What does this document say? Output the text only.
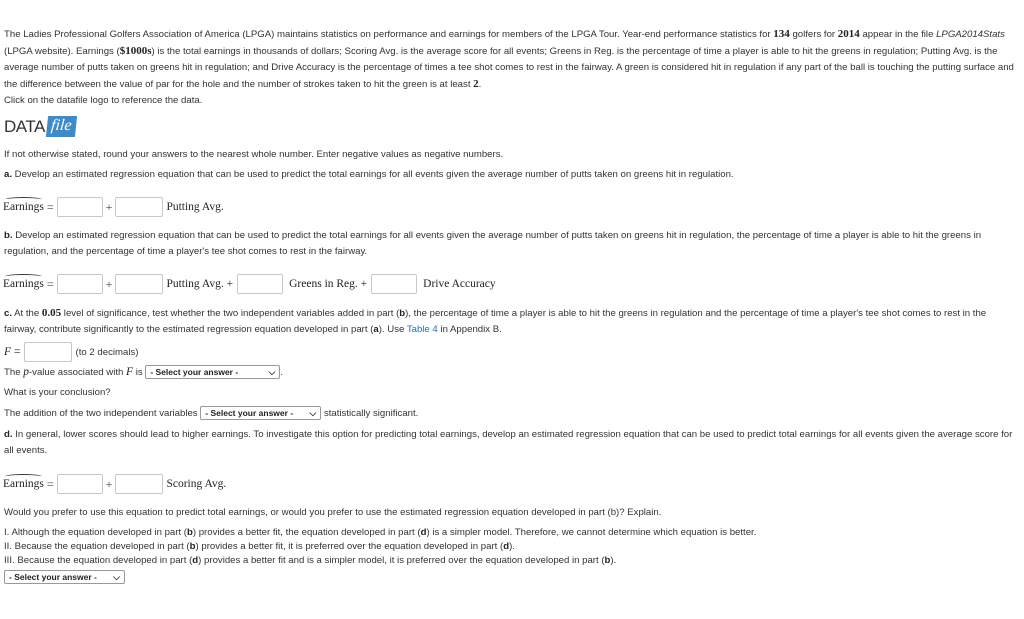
The Ladies Professional Golfers Association of America (LPGA) maintains statistics on performance and earnings for members of the LPGA Tour. Year-end performance statistics for 134 golfers for 2014 appear in the file LPGA2014Stats (LPGA website). Earnings ($1000s) is the total earnings in thousands of dollars; Scoring Avg. is the average score for all events; Greens in Reg. is the percentage of time a player is able to hit the greens in regulation; Putting Avg. is the average number of putts taken on greens hit in regulation; and Drive Accuracy is the percentage of times a tee shot comes to rest in the fairway. A green is considered hit in regulation if any part of the ball is touching the putting surface and the difference between the value of par for the hole and the number of strokes taken to hit the green is at least 2.

Click on the datafile logo to reference the data.

DATA file

If not otherwise stated, round your answers to the nearest whole number. Enter negative values as negative numbers.

a. Develop an estimated regression equation that can be used to predict the total earnings for all events given the average number of putts taken on greens hit in regulation.

Earnings =	+	Putting Avg.

b. Develop an estimated regression equation that can be used to predict the total earnings for all events given the average number of putts taken on greens hit in regulation, the percentage of time a player is able to hit the greens in regulation, and the percentage of time a player's tee shot comes to rest in the fairway.

Earnings =	+	Putting Avg. +	Greens in Reg. +	Drive Accuracy

c. At the 0.05 level of significance, test whether the two independent variables added in part (b), the percentage of time a player is able to hit the greens in regulation and the percentage of time a player's tee shot comes to rest in the fairway, contribute significantly to the estimated regression equation developed in part (a). Use Table 4 in Appendix B.

F =	(to 2 decimals)

The p-value associated with F is - Select your answer -	⌵ .

What is your conclusion?

The addition of the two independent variables - Select your answer - ⌵ statistically significant.

d. In general, lower scores should lead to higher earnings. To investigate this option for predicting total earnings, develop an estimated regression equation that can be used to predict total earnings for all events given the average score for all events.

Earnings =	+	Scoring Avg.

Would you prefer to use this equation to predict total earnings, or would you prefer to use the estimated regression equation developed in part (b)? Explain.

I. Although the equation developed in part (b) provides a better fit, the equation developed in part (d) is a simpler model. Therefore, we cannot determine which equation is better.

II. Because the equation developed in part (b) provides a better fit, it is preferred over the equation developed in part (d).

III. Because the equation developed in part (d) provides a better fit and is a simpler model, it is preferred over the equation developed in part (b).

- Select your answer - ⌵
